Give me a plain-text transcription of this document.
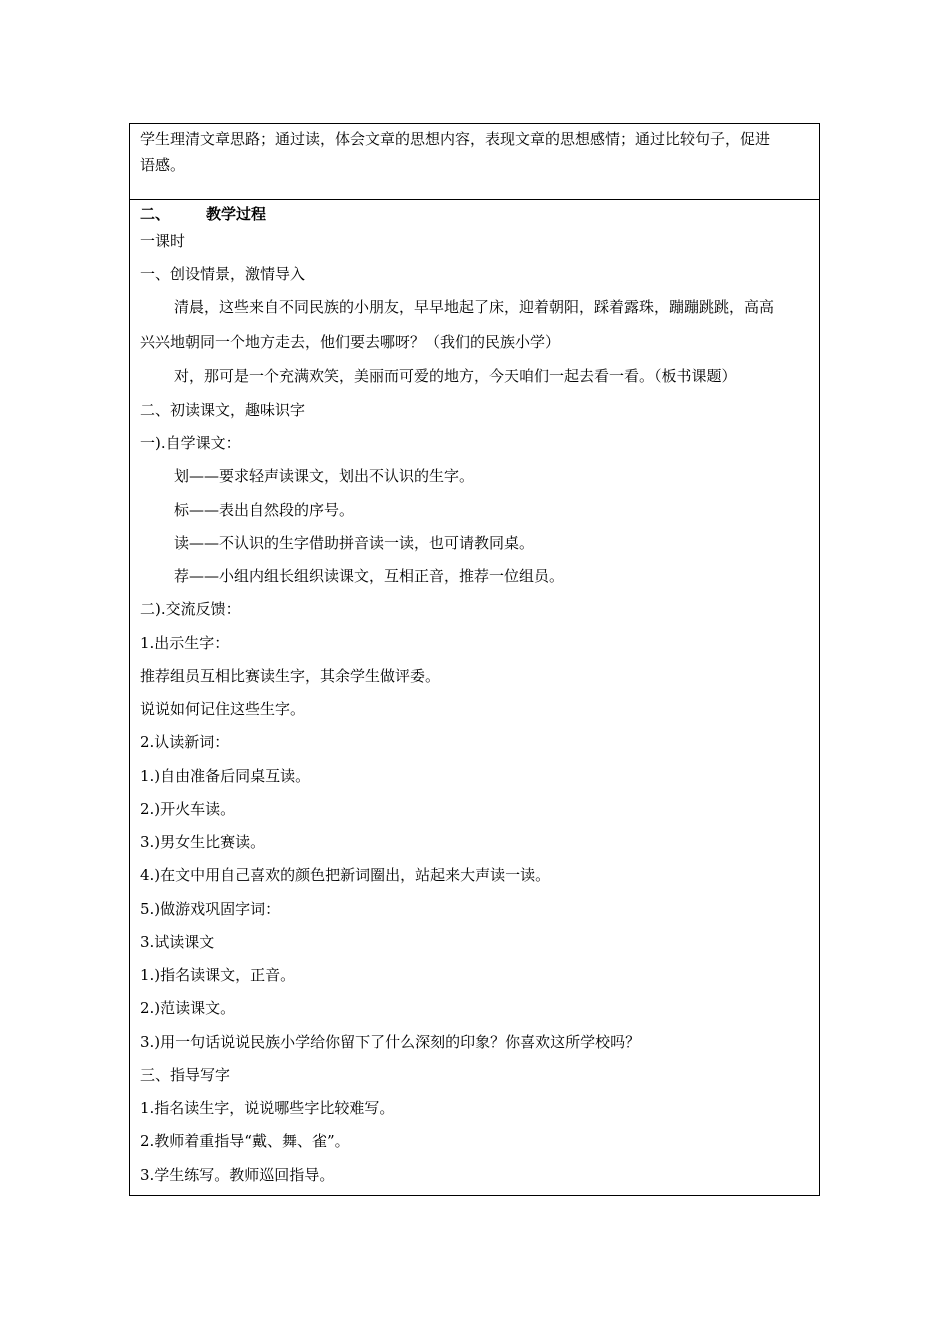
学生理清文章思路；通过读，体会文章的思想内容，表现文章的思想感情；通过比较句子，促进
语感。
二、 教学过程
一课时
一、创设情景，激情导入
清晨，这些来自不同民族的小朋友，早早地起了床，迎着朝阳，踩着露珠，蹦蹦跳跳，高高
兴兴地朝同一个地方走去，他们要去哪呀？（我们的民族小学）
对，那可是一个充满欢笑，美丽而可爱的地方，今天咱们一起去看一看。（板书课题）
二、初读课文，趣味识字
一).自学课文：
划——要求轻声读课文，划出不认识的生字。
标——表出自然段的序号。
读——不认识的生字借助拼音读一读，也可请教同桌。
荐——小组内组长组织读课文，互相正音，推荐一位组员。
二).交流反馈：
1.出示生字：
推荐组员互相比赛读生字，其余学生做评委。
说说如何记住这些生字。
2.认读新词：
1.)自由准备后同桌互读。
2.)开火车读。
3.)男女生比赛读。
4.)在文中用自己喜欢的颜色把新词圈出，站起来大声读一读。
5.)做游戏巩固字词：
3.试读课文
1.)指名读课文，正音。
2.)范读课文。
3.)用一句话说说民族小学给你留下了什么深刻的印象？你喜欢这所学校吗？
三、指导写字
1.指名读生字，说说哪些字比较难写。
2.教师着重指导“戴、舞、雀”。
3.学生练写。教师巡回指导。
